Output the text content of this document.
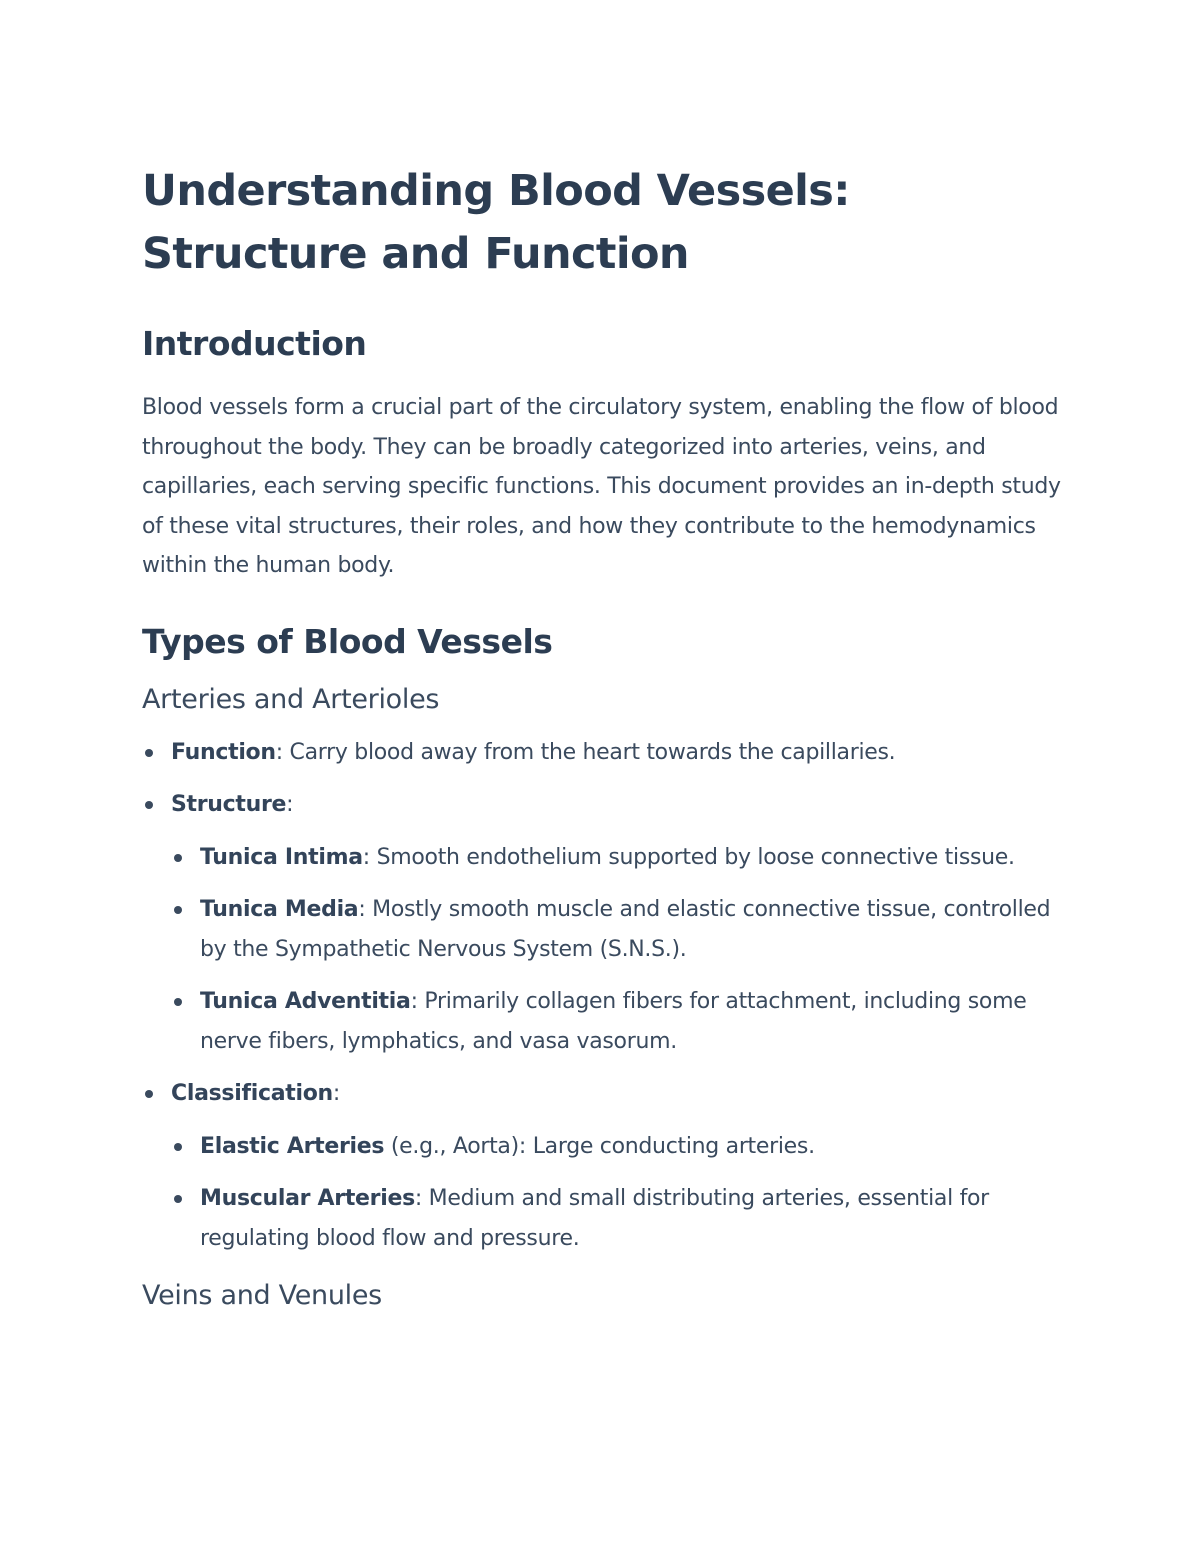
Understanding Blood Vessels: Structure and Function
Introduction

Blood vessels form a crucial part of the circulatory system, enabling the flow of blood throughout the body. They can be broadly categorized into arteries, veins, and capillaries, each serving specific functions. This document provides an in-depth study of these vital structures, their roles, and how they contribute to the hemodynamics within the human body.

Types of Blood Vessels
Arteries and Arterioles
Function: Carry blood away from the heart towards the capillaries.
Structure:
Tunica Intima: Smooth endothelium supported by loose connective tissue.
Tunica Media: Mostly smooth muscle and elastic connective tissue, controlled by the Sympathetic Nervous System (S.N.S.).
Tunica Adventitia: Primarily collagen fibers for attachment, including some nerve fibers, lymphatics, and vasa vasorum.
Classification:
Elastic Arteries (e.g., Aorta): Large conducting arteries.
Muscular Arteries: Medium and small distributing arteries, essential for regulating blood flow and pressure.
Veins and Venules
